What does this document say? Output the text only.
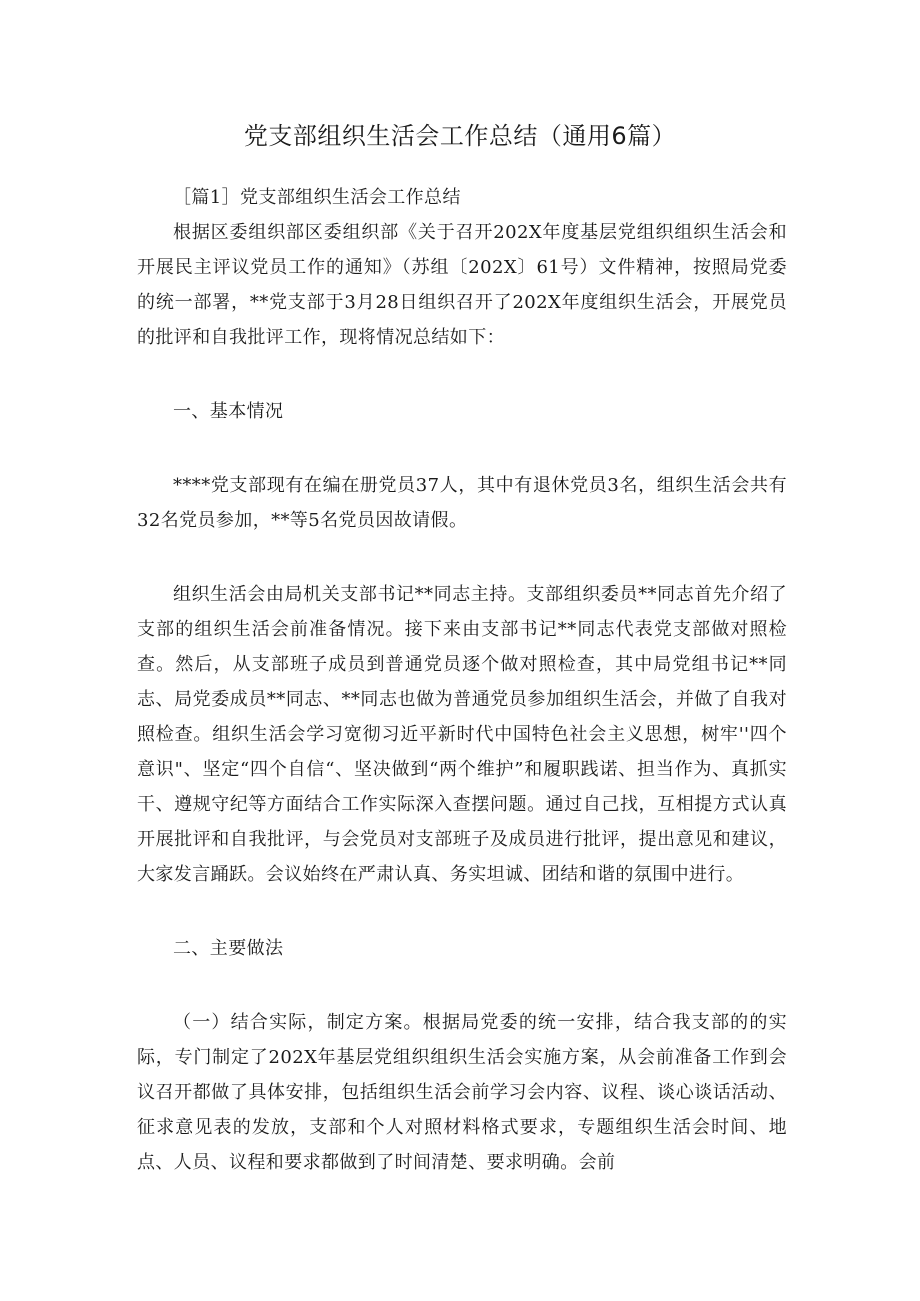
党支部组织生活会工作总结（通用6篇）

［篇1］党支部组织生活会工作总结

根据区委组织部区委组织部《关于召开202X年度基层党组织组织生活会和开展民主评议党员工作的通知》（苏组〔202X〕61号）文件精神，按照局党委的统一部署，**党支部于3月28日组织召开了202X年度组织生活会，开展党员的批评和自我批评工作，现将情况总结如下：

一、基本情况

****党支部现有在编在册党员37人，其中有退休党员3名，组织生活会共有32名党员参加，**等5名党员因故请假。

组织生活会由局机关支部书记**同志主持。支部组织委员**同志首先介绍了支部的组织生活会前准备情况。接下来由支部书记**同志代表党支部做对照检查。然后，从支部班子成员到普通党员逐个做对照检查，其中局党组书记**同志、局党委成员**同志、**同志也做为普通党员参加组织生活会，并做了自我对照检查。组织生活会学习宽彻习近平新时代中国特色社会主义思想，树牢''四个意识"、坚定“四个自信“、坚决做到“两个维护”和履职践诺、担当作为、真抓实干、遵规守纪等方面结合工作实际深入查摆问题。通过自己找，互相提方式认真开展批评和自我批评，与会党员对支部班子及成员进行批评，提出意见和建议，大家发言踊跃。会议始终在严肃认真、务实坦诚、团结和谐的氛围中进行。

二、主要做法

（一）结合实际，制定方案。根据局党委的统一安排，结合我支部的的实际，专门制定了202X年基层党组织组织生活会实施方案，从会前准备工作到会议召开都做了具体安排，包括组织生活会前学习会内容、议程、谈心谈话活动、征求意见表的发放，支部和个人对照材料格式要求，专题组织生活会时间、地点、人员、议程和要求都做到了时间清楚、要求明确。会前
